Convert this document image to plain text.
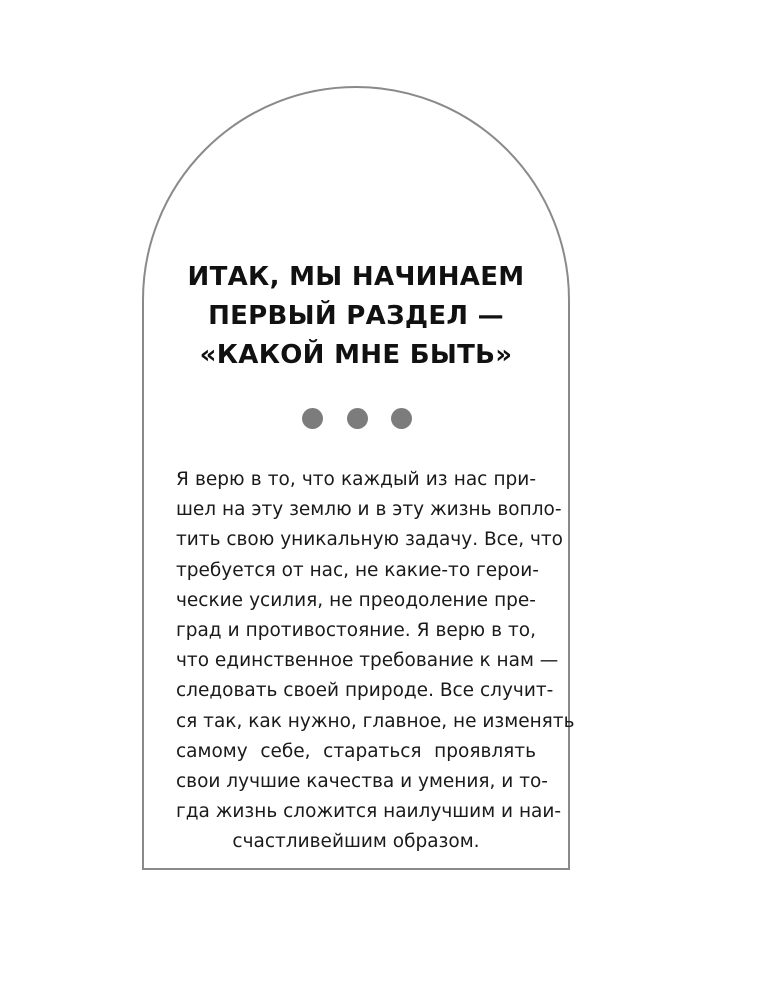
ИТАК, МЫ НАЧИНАЕМ
ПЕРВЫЙ РАЗДЕЛ —
«КАКОЙ МНЕ БЫТЬ»
Я верю в то, что каждый из нас при-
шел на эту землю и в эту жизнь вопло-
тить свою уникальную задачу. Все, что
требуется от нас, не какие-то герои-
ческие усилия, не преодоление пре-
град и противостояние. Я верю в то,
что единственное требование к нам —
следовать своей природе. Все случит-
ся так, как нужно, главное, не изменять
самому себе, стараться проявлять
свои лучшие качества и умения, и то-
гда жизнь сложится наилучшим и наи-
счастливейшим образом.
